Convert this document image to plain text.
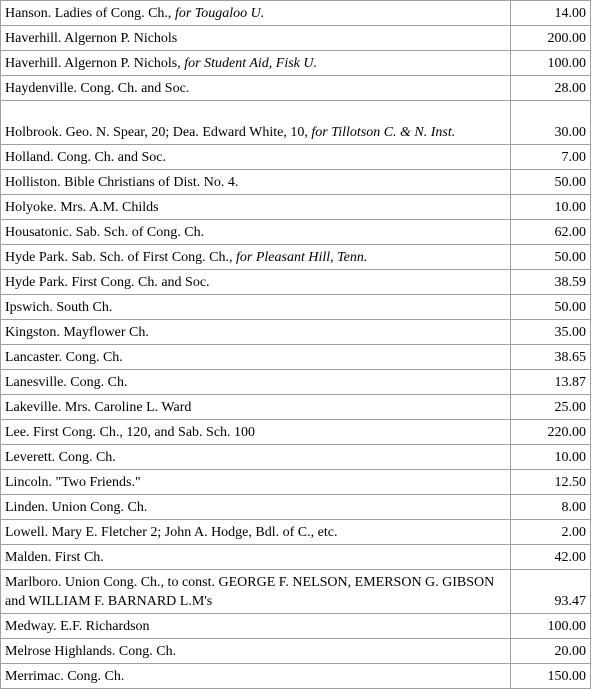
Hanson. Ladies of Cong. Ch., for Tougaloo U.	14.00

Haverhill. Algernon P. Nichols	200.00

Haverhill. Algernon P. Nichols, for Student Aid, Fisk U.	100.00

Haydenville. Cong. Ch. and Soc.	28.00

Holbrook. Geo. N. Spear, 20; Dea. Edward White, 10, for Tillotson C. & N. Inst.	30.00

Holland. Cong. Ch. and Soc.	7.00

Holliston. Bible Christians of Dist. No. 4.	50.00

Holyoke. Mrs. A.M. Childs	10.00

Housatonic. Sab. Sch. of Cong. Ch.	62.00

Hyde Park. Sab. Sch. of First Cong. Ch., for Pleasant Hill, Tenn.	50.00

Hyde Park. First Cong. Ch. and Soc.	38.59

Ipswich. South Ch.	50.00

Kingston. Mayflower Ch.	35.00

Lancaster. Cong. Ch.	38.65

Lanesville. Cong. Ch.	13.87

Lakeville. Mrs. Caroline L. Ward	25.00

Lee. First Cong. Ch., 120, and Sab. Sch. 100	220.00

Leverett. Cong. Ch.	10.00

Lincoln. "Two Friends."	12.50

Linden. Union Cong. Ch.	8.00

Lowell. Mary E. Fletcher 2; John A. Hodge, Bdl. of C., etc.	2.00

Malden. First Ch.	42.00

Marlboro. Union Cong. Ch., to const. GEORGE F. NELSON, EMERSON G. GIBSON and WILLIAM F. BARNARD L.M's	93.47

Medway. E.F. Richardson	100.00

Melrose Highlands. Cong. Ch.	20.00

Merrimac. Cong. Ch.	150.00
